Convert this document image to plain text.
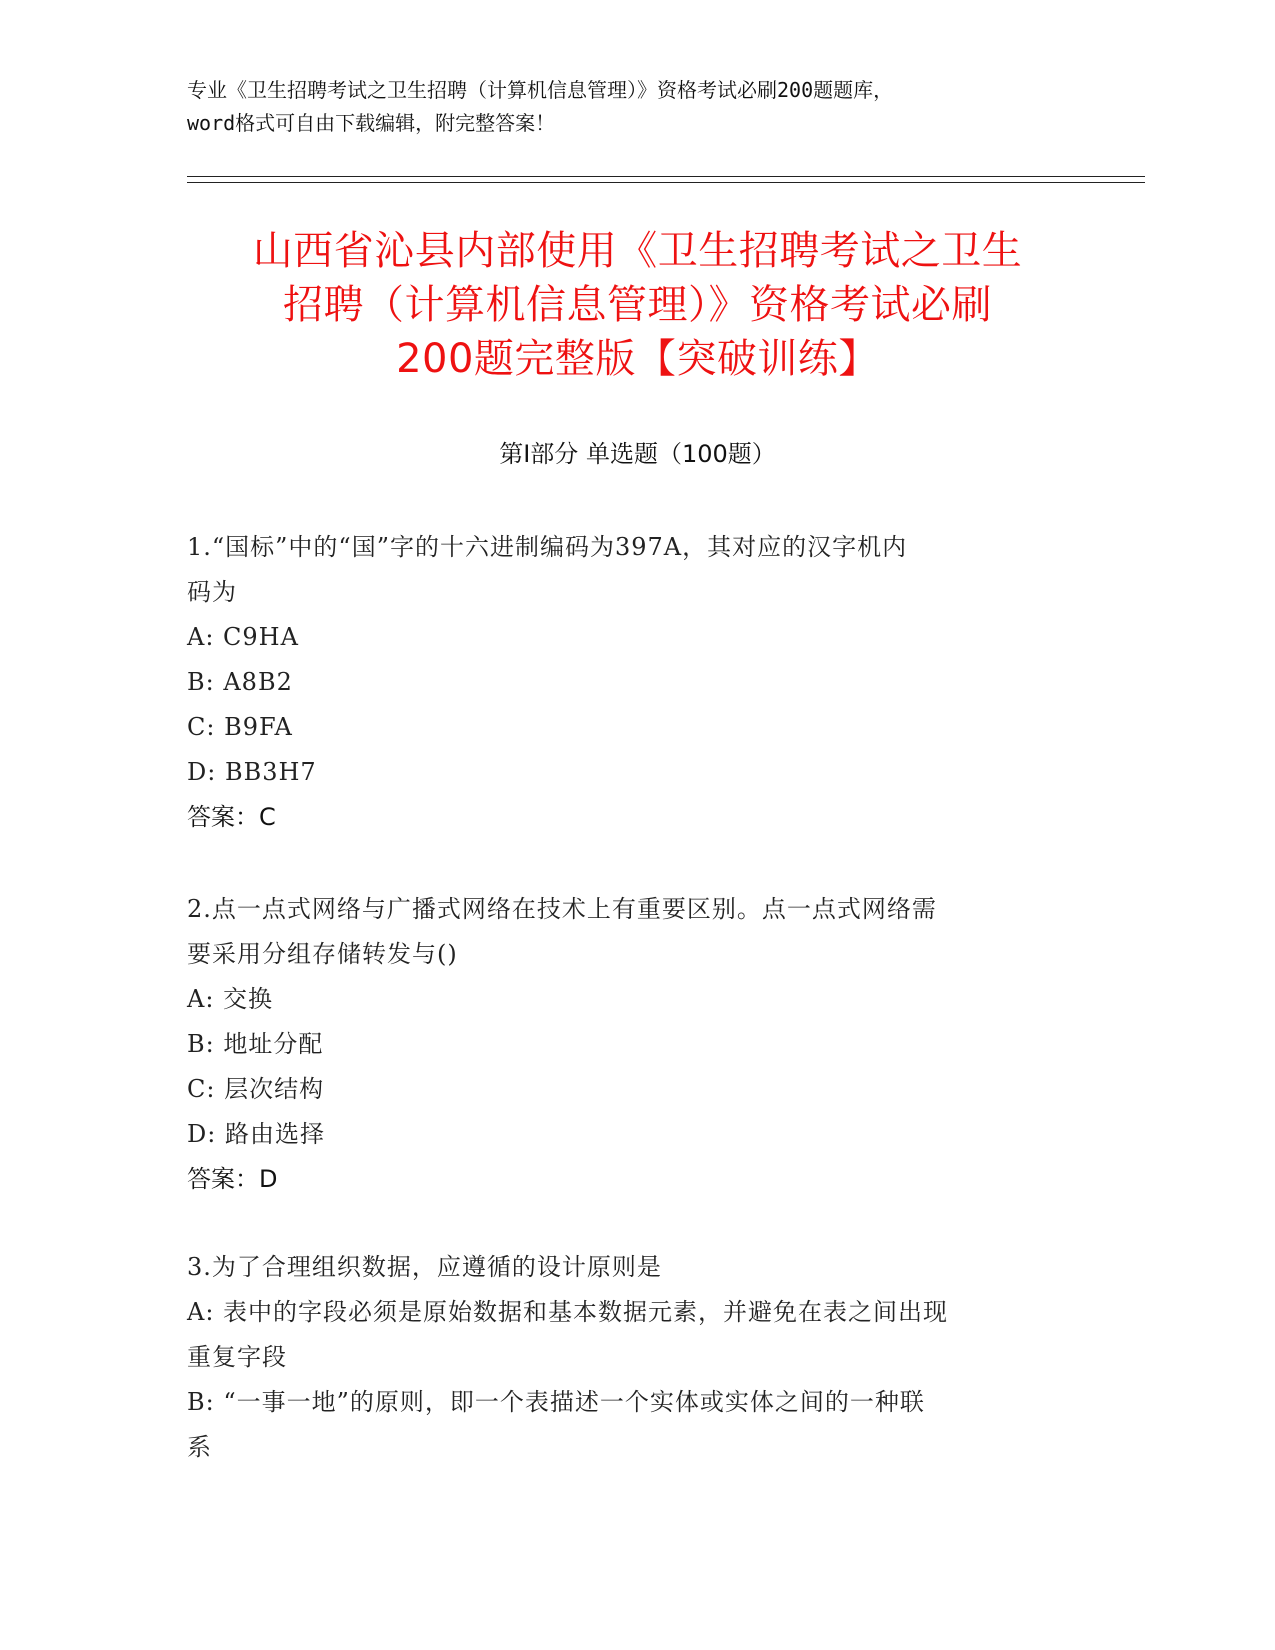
专业《卫生招聘考试之卫生招聘（计算机信息管理）》资格考试必刷200题题库，
word格式可自由下载编辑，附完整答案！
山西省沁县内部使用《卫生招聘考试之卫生
招聘（计算机信息管理）》资格考试必刷
200题完整版【突破训练】
第Ⅰ部分 单选题（100题）
1.“国标”中的“国”字的十六进制编码为397A，其对应的汉字机内
码为
A: C9HA
B: A8B2
C: B9FA
D: BB3H7
答案：C
2.点一点式网络与广播式网络在技术上有重要区别。点一点式网络需
要采用分组存储转发与()
A: 交换
B: 地址分配
C: 层次结构
D: 路由选择
答案：D
3.为了合理组织数据，应遵循的设计原则是
A: 表中的字段必须是原始数据和基本数据元素，并避免在表之间出现
重复字段
B: “一事一地”的原则，即一个表描述一个实体或实体之间的一种联
系
